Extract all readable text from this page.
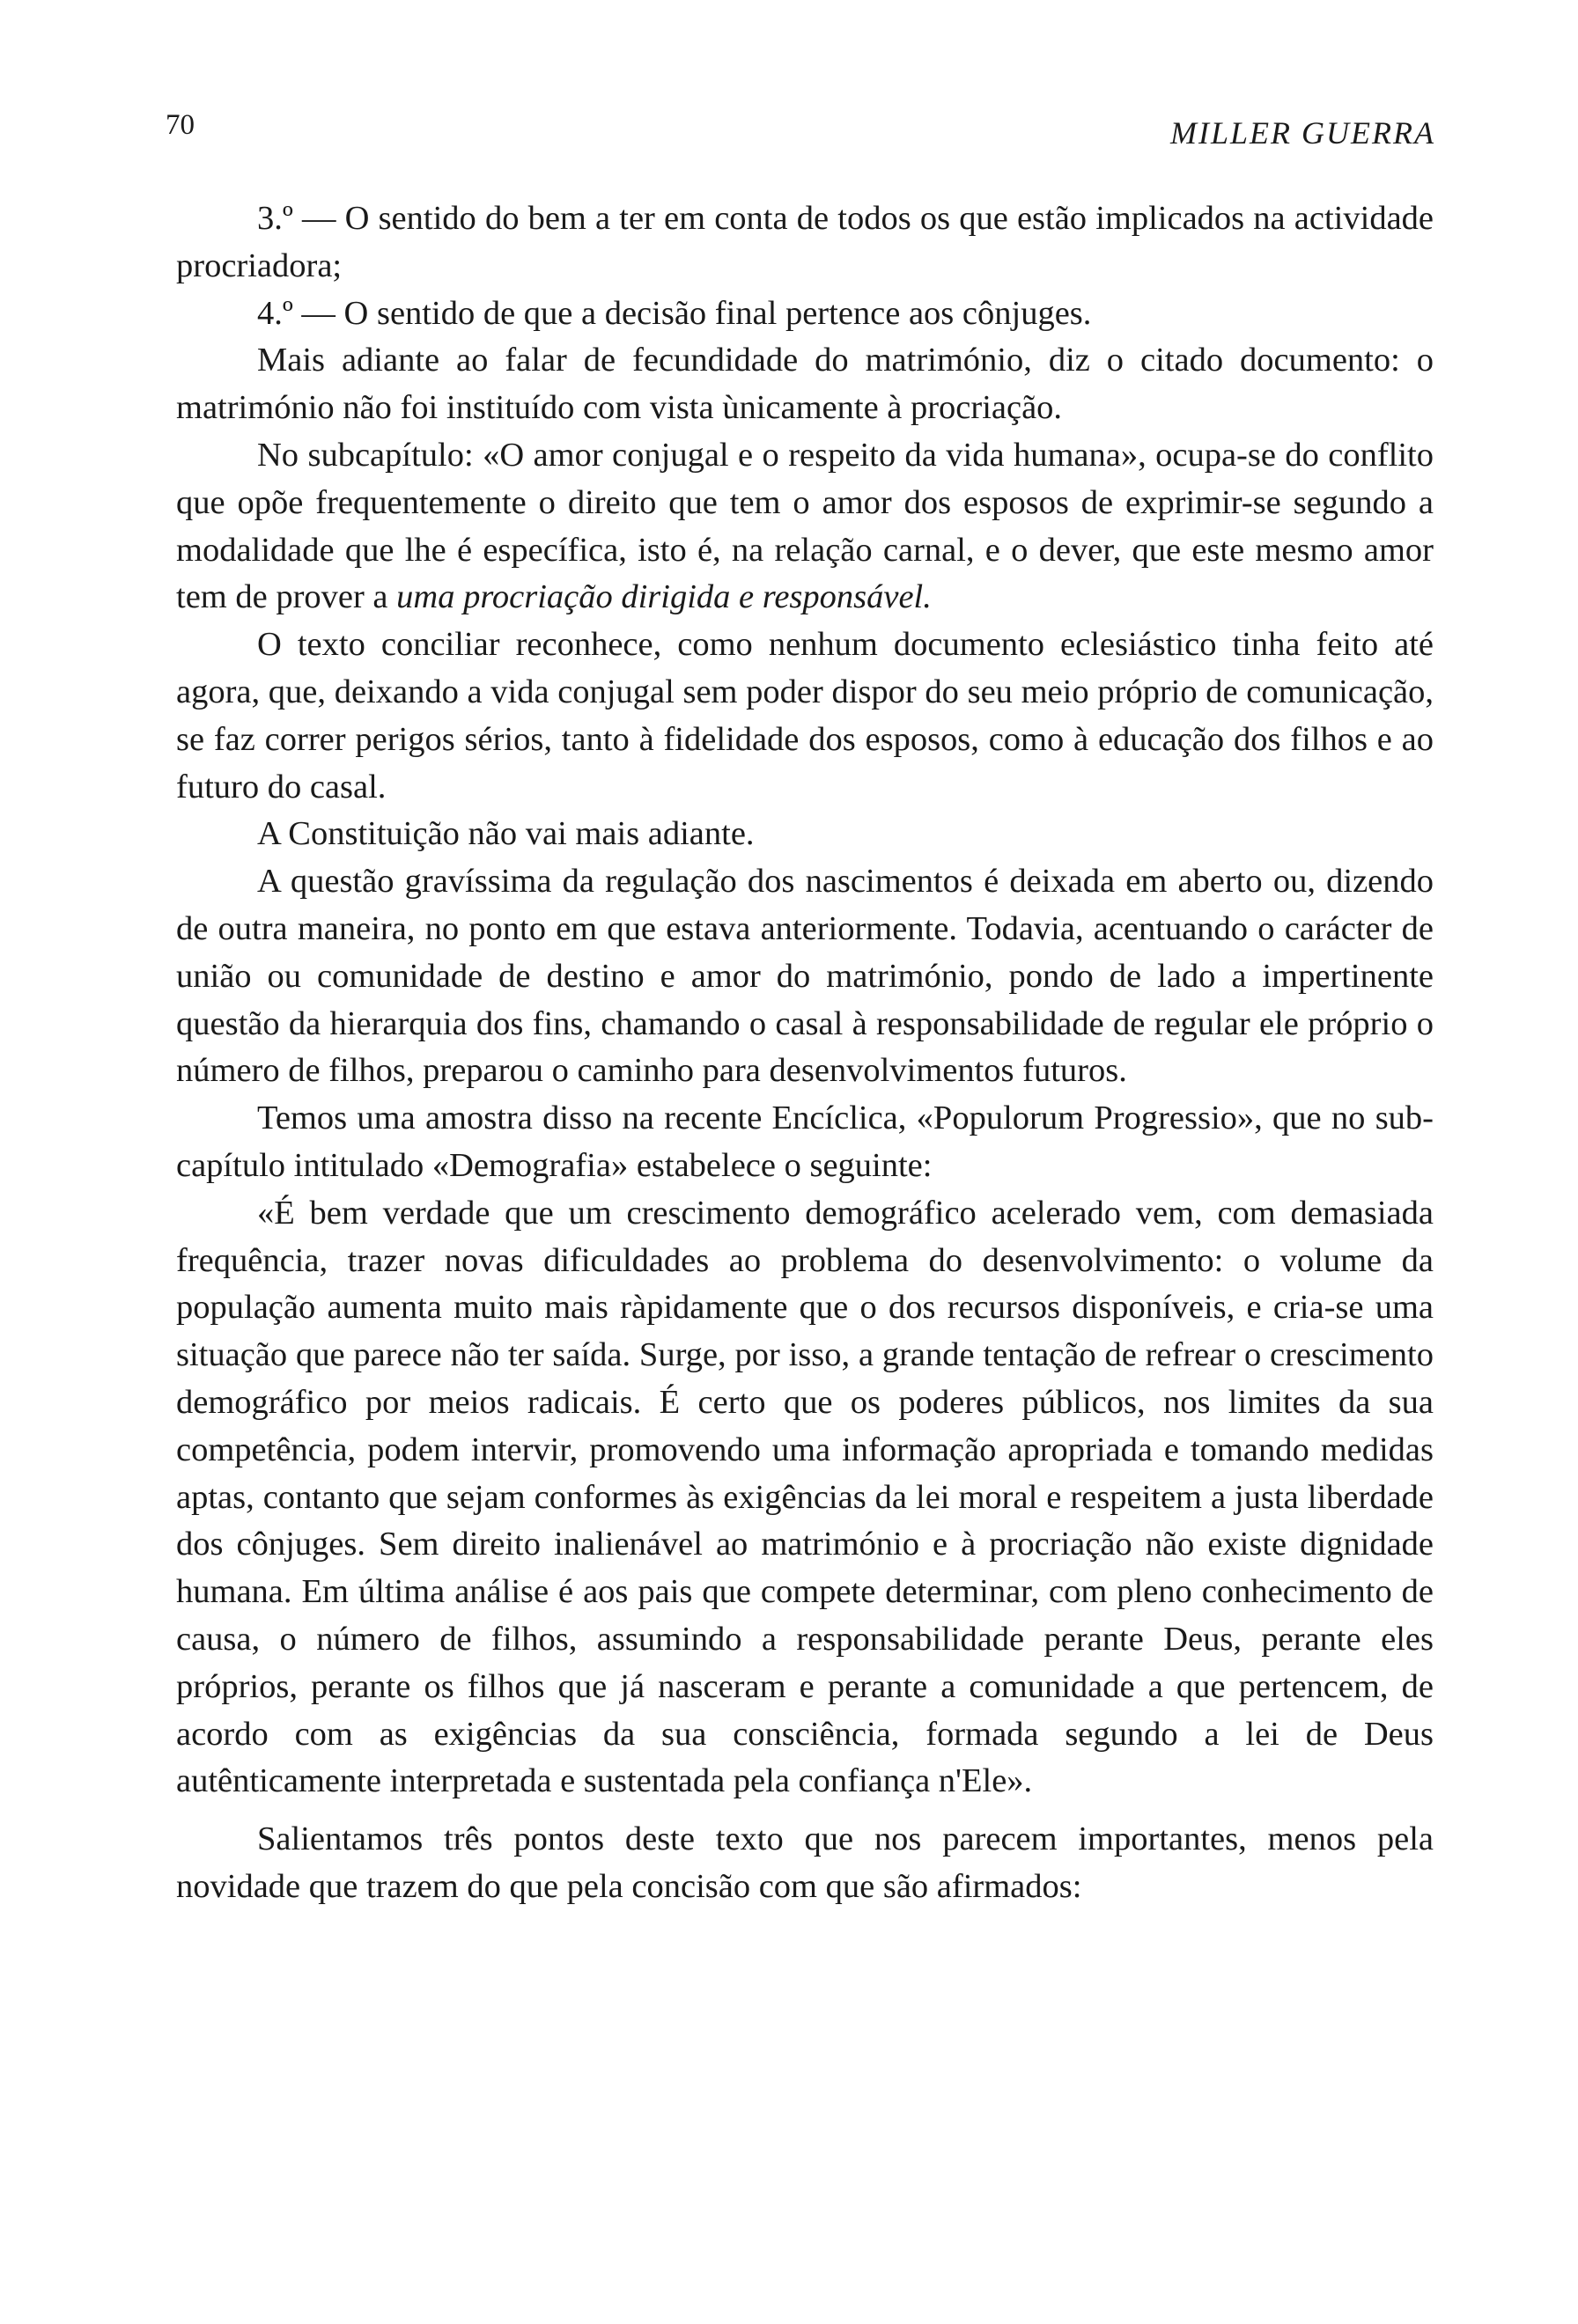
70	MILLER GUERRA

3.º — O sentido do bem a ter em conta de todos os que estão implicados na actividade procriadora;

4.º — O sentido de que a decisão final pertence aos cônjuges.

Mais adiante ao falar de fecundidade do matrimónio, diz o citado documento: o matrimónio não foi instituído com vista ùnicamente à procriação.

No subcapítulo: «O amor conjugal e o respeito da vida humana», ocupa-se do conflito que opõe frequentemente o direito que tem o amor dos esposos de exprimir-se segundo a modalidade que lhe é específica, isto é, na relação carnal, e o dever, que este mesmo amor tem de prover a uma procriação dirigida e responsável.

O texto conciliar reconhece, como nenhum documento eclesiástico tinha feito até agora, que, deixando a vida conjugal sem poder dispor do seu meio próprio de comunicação, se faz correr perigos sérios, tanto à fidelidade dos esposos, como à educação dos filhos e ao futuro do casal.

A Constituição não vai mais adiante.

A questão gravíssima da regulação dos nascimentos é deixada em aberto ou, dizendo de outra maneira, no ponto em que estava anteriormente. Todavia, acentuando o carácter de união ou comunidade de destino e amor do matrimónio, pondo de lado a impertinente questão da hierarquia dos fins, chamando o casal à responsabilidade de regular ele próprio o número de filhos, preparou o caminho para desenvolvimentos futuros.

Temos uma amostra disso na recente Encíclica, «Populorum Progressio», que no sub-capítulo intitulado «Demografia» estabelece o seguinte:

«É bem verdade que um crescimento demográfico acelerado vem, com demasiada frequência, trazer novas dificuldades ao problema do desenvolvimento: o volume da população aumenta muito mais ràpidamente que o dos recursos disponíveis, e cria-se uma situação que parece não ter saída. Surge, por isso, a grande tentação de refrear o crescimento demográfico por meios radicais. É certo que os poderes públicos, nos limites da sua competência, podem intervir, promovendo uma informação apropriada e tomando medidas aptas, contanto que sejam conformes às exigências da lei moral e respeitem a justa liberdade dos cônjuges. Sem direito inalienável ao matrimónio e à procriação não existe dignidade humana. Em última análise é aos pais que compete determinar, com pleno conhecimento de causa, o número de filhos, assumindo a responsabilidade perante Deus, perante eles próprios, perante os filhos que já nasceram e perante a comunidade a que pertencem, de acordo com as exigências da sua consciência, formada segundo a lei de Deus autênticamente interpretada e sustentada pela confiança n'Ele».

Salientamos três pontos deste texto que nos parecem importantes, menos pela novidade que trazem do que pela concisão com que são afirmados:
